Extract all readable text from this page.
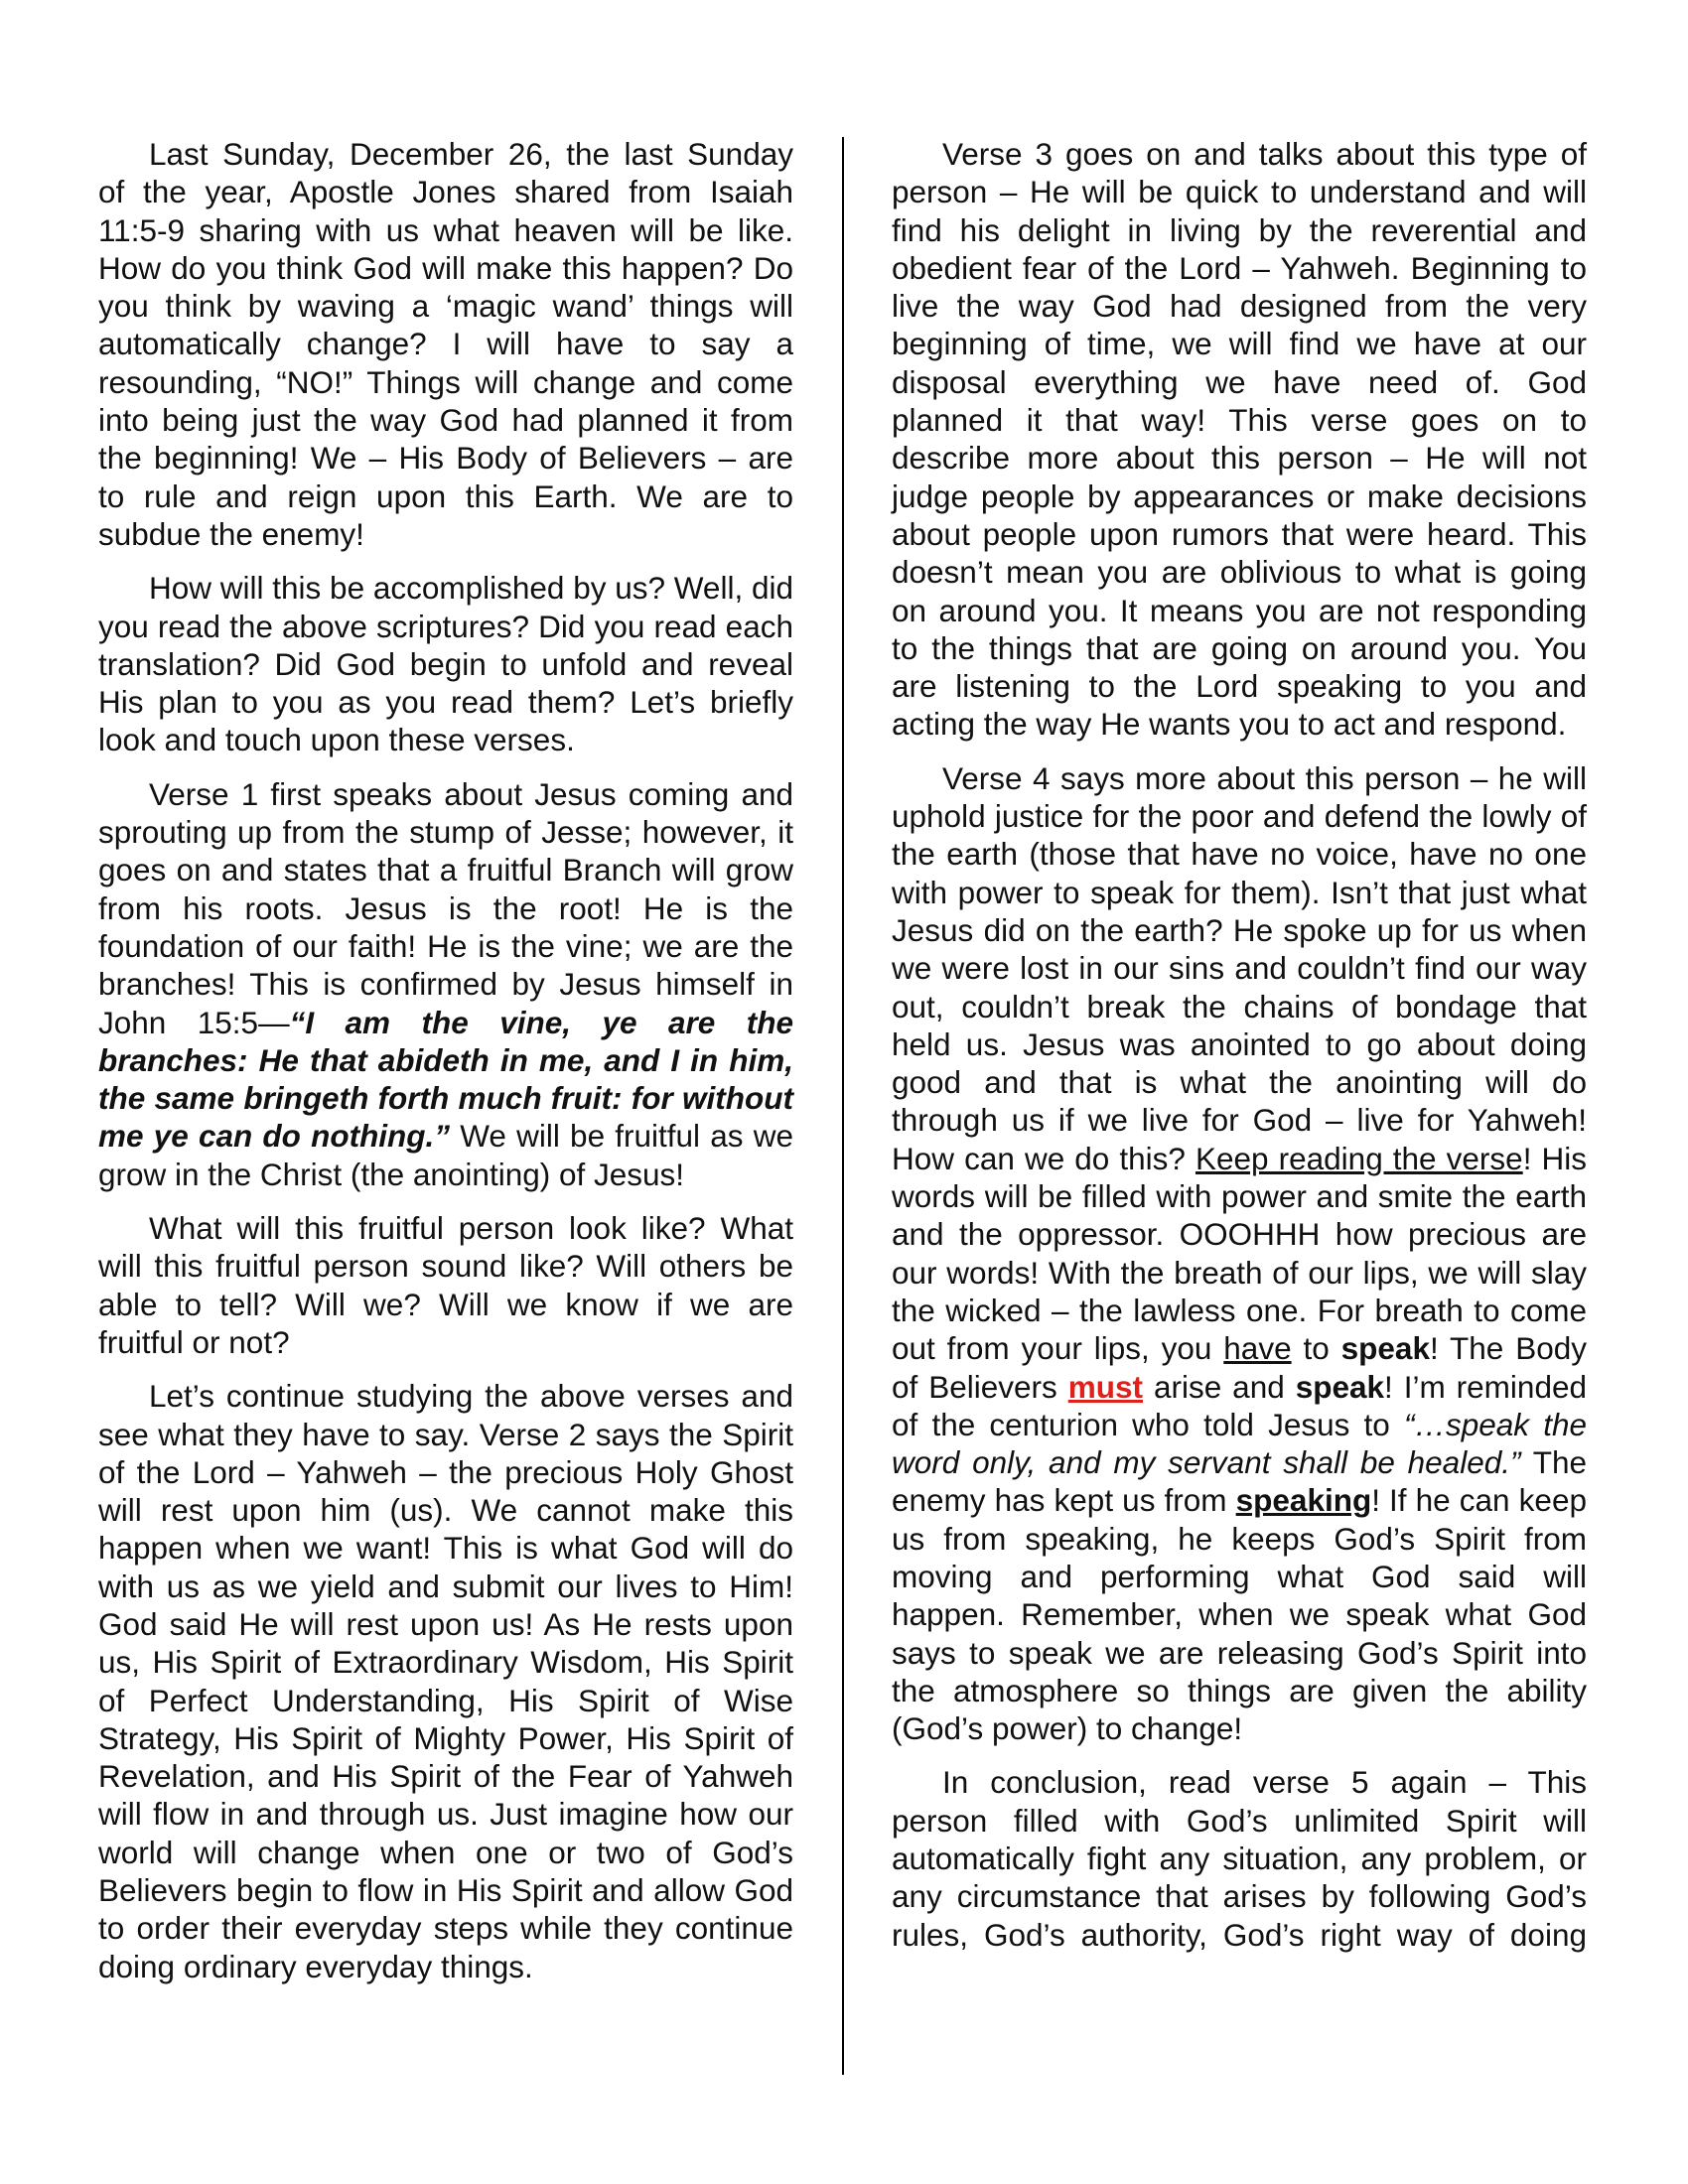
Last Sunday, December 26, the last Sunday of the year, Apostle Jones shared from Isaiah 11:5-9 sharing with us what heaven will be like. How do you think God will make this happen? Do you think by waving a ‘magic wand’ things will automatically change? I will have to say a resounding, “NO!” Things will change and come into being just the way God had planned it from the beginning! We – His Body of Believers – are to rule and reign upon this Earth. We are to subdue the enemy!

How will this be accomplished by us? Well, did you read the above scriptures? Did you read each translation? Did God begin to unfold and reveal His plan to you as you read them? Let’s briefly look and touch upon these verses.

Verse 1 first speaks about Jesus coming and sprouting up from the stump of Jesse; however, it goes on and states that a fruitful Branch will grow from his roots. Jesus is the root! He is the foundation of our faith! He is the vine; we are the branches! This is confirmed by Jesus himself in John 15:5—“I am the vine, ye are the branches: He that abideth in me, and I in him, the same bringeth forth much fruit: for without me ye can do nothing.” We will be fruitful as we grow in the Christ (the anointing) of Jesus!

What will this fruitful person look like? What will this fruitful person sound like? Will others be able to tell? Will we? Will we know if we are fruitful or not?

Let’s continue studying the above verses and see what they have to say. Verse 2 says the Spirit of the Lord – Yahweh – the precious Holy Ghost will rest upon him (us). We cannot make this happen when we want! This is what God will do with us as we yield and submit our lives to Him! God said He will rest upon us! As He rests upon us, His Spirit of Extraordinary Wisdom, His Spirit of Perfect Understanding, His Spirit of Wise Strategy, His Spirit of Mighty Power, His Spirit of Revelation, and His Spirit of the Fear of Yahweh will flow in and through us. Just imagine how our world will change when one or two of God’s Believers begin to flow in His Spirit and allow God to order their everyday steps while they continue doing ordinary everyday things.

Verse 3 goes on and talks about this type of person – He will be quick to understand and will find his delight in living by the reverential and obedient fear of the Lord – Yahweh. Beginning to live the way God had designed from the very beginning of time, we will find we have at our disposal everything we have need of. God planned it that way! This verse goes on to describe more about this person – He will not judge people by appearances or make decisions about people upon rumors that were heard. This doesn’t mean you are oblivious to what is going on around you. It means you are not responding to the things that are going on around you. You are listening to the Lord speaking to you and acting the way He wants you to act and respond.

Verse 4 says more about this person – he will uphold justice for the poor and defend the lowly of the earth (those that have no voice, have no one with power to speak for them). Isn’t that just what Jesus did on the earth? He spoke up for us when we were lost in our sins and couldn’t find our way out, couldn’t break the chains of bondage that held us. Jesus was anointed to go about doing good and that is what the anointing will do through us if we live for God – live for Yahweh! How can we do this? Keep reading the verse! His words will be filled with power and smite the earth and the oppressor. OOOHHH how precious are our words! With the breath of our lips, we will slay the wicked – the lawless one. For breath to come out from your lips, you have to speak! The Body of Believers must arise and speak! I’m reminded of the centurion who told Jesus to “…speak the word only, and my servant shall be healed.” The enemy has kept us from speaking! If he can keep us from speaking, he keeps God’s Spirit from moving and performing what God said will happen. Remember, when we speak what God says to speak we are releasing God’s Spirit into the atmosphere so things are given the ability (God’s power) to change!

In conclusion, read verse 5 again – This person filled with God’s unlimited Spirit will automatically fight any situation, any problem, or any circumstance that arises by following God’s rules, God’s authority, God’s right way of doing
